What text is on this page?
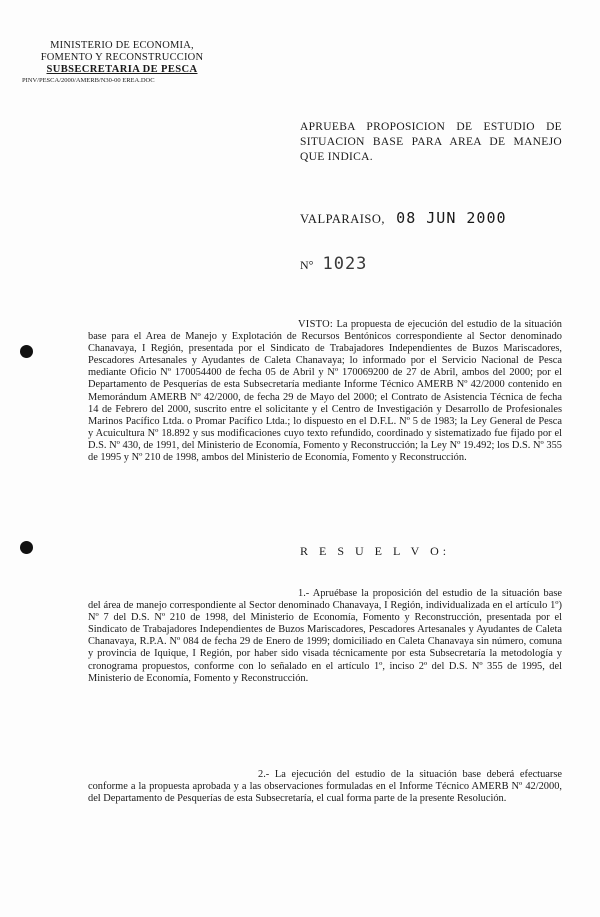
MINISTERIO DE ECONOMIA,
FOMENTO Y RECONSTRUCCION
SUBSECRETARIA DE PESCA
PINV/PESCA/2000/AMERB/N30-00 EREA.DOC
APRUEBA PROPOSICION DE ESTUDIO DE SITUACION BASE PARA AREA DE MANEJO QUE INDICA.
VALPARAISO, 08 JUN 2000
N° 1023
VISTO: La propuesta de ejecución del estudio de la situación base para el Area de Manejo y Explotación de Recursos Bentónicos correspondiente al Sector denominado Chanavaya, I Región, presentada por el Sindicato de Trabajadores Independientes de Buzos Mariscadores, Pescadores Artesanales y Ayudantes de Caleta Chanavaya; lo informado por el Servicio Nacional de Pesca mediante Oficio Nº 170054400 de fecha 05 de Abril y Nº 170069200 de 27 de Abril, ambos del 2000; por el Departamento de Pesquerías de esta Subsecretaría mediante Informe Técnico AMERB Nº 42/2000 contenido en Memorándum AMERB Nº 42/2000, de fecha 29 de Mayo del 2000; el Contrato de Asistencia Técnica de fecha 14 de Febrero del 2000, suscrito entre el solicitante y el Centro de Investigación y Desarrollo de Profesionales Marinos Pacífico Ltda. o Promar Pacífico Ltda.; lo dispuesto en el D.F.L. Nº 5 de 1983; la Ley General de Pesca y Acuicultura Nº 18.892 y sus modificaciones cuyo texto refundido, coordinado y sistematizado fue fijado por el D.S. Nº 430, de 1991, del Ministerio de Economía, Fomento y Reconstrucción; la Ley Nº 19.492; los D.S. Nº 355 de 1995 y Nº 210 de 1998, ambos del Ministerio de Economía, Fomento y Reconstrucción.
R E S U E L V O:
1.- Apruébase la proposición del estudio de la situación base del área de manejo correspondiente al Sector denominado Chanavaya, I Región, individualizada en el artículo 1º) Nº 7 del D.S. Nº 210 de 1998, del Ministerio de Economía, Fomento y Reconstrucción, presentada por el Sindicato de Trabajadores Independientes de Buzos Mariscadores, Pescadores Artesanales y Ayudantes de Caleta Chanavaya, R.P.A. Nº 084 de fecha 29 de Enero de 1999; domiciliado en Caleta Chanavaya sin número, comuna y provincia de Iquique, I Región, por haber sido visada técnicamente por esta Subsecretaría la metodología y cronograma propuestos, conforme con lo señalado en el artículo 1º, inciso 2º del D.S. Nº 355 de 1995, del Ministerio de Economía, Fomento y Reconstrucción.
2.- La ejecución del estudio de la situación base deberá efectuarse conforme a la propuesta aprobada y a las observaciones formuladas en el Informe Técnico AMERB Nº 42/2000, del Departamento de Pesquerías de esta Subsecretaría, el cual forma parte de la presente Resolución.
